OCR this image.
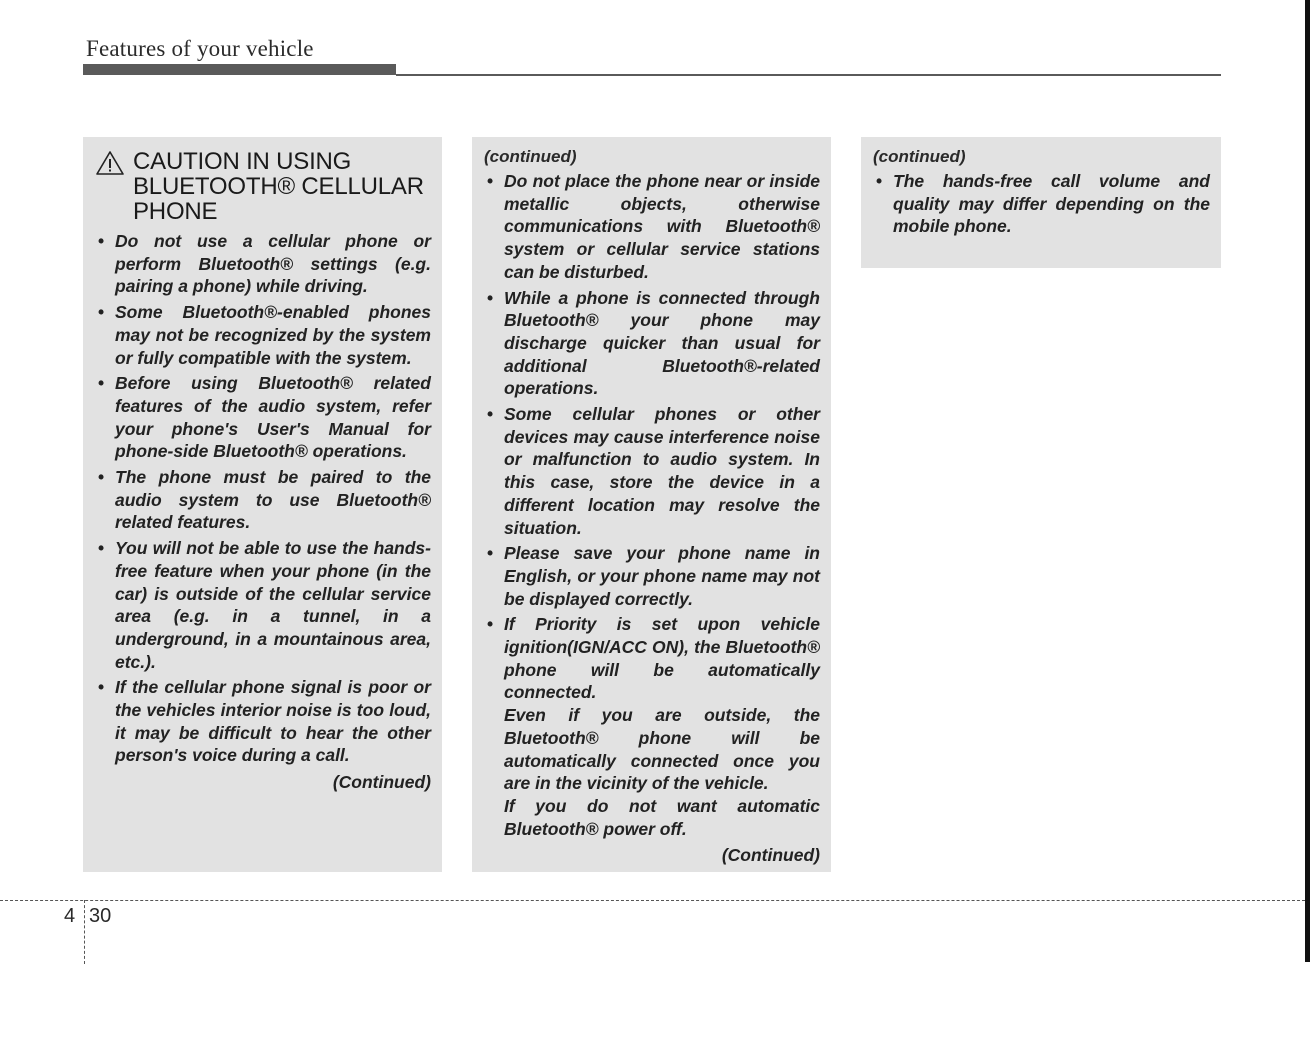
Features of your vehicle
CAUTION IN USING BLUETOOTH® CELLULAR PHONE
• Do not use a cellular phone or perform Bluetooth® settings (e.g. pairing a phone) while driving.
• Some Bluetooth®-enabled phones may not be recognized by the system or fully compatible with the system.
• Before using Bluetooth® related features of the audio system, refer your phone's User's Manual for phone-side Bluetooth® operations.
• The phone must be paired to the audio system to use Bluetooth® related features.
• You will not be able to use the hands-free feature when your phone (in the car) is outside of the cellular service area (e.g. in a tunnel, in a underground, in a mountainous area, etc.).
• If the cellular phone signal is poor or the vehicles interior noise is too loud, it may be difficult to hear the other person's voice during a call.
(Continued)
(continued)
• Do not place the phone near or inside metallic objects, otherwise communications with Bluetooth® system or cellular service stations can be disturbed.
• While a phone is connected through Bluetooth® your phone may discharge quicker than usual for additional Bluetooth®-related operations.
• Some cellular phones or other devices may cause interference noise or malfunction to audio system. In this case, store the device in a different location may resolve the situation.
• Please save your phone name in English, or your phone name may not be displayed correctly.
• If Priority is set upon vehicle ignition(IGN/ACC ON), the Bluetooth® phone will be automatically connected.
Even if you are outside, the Bluetooth® phone will be automatically connected once you are in the vicinity of the vehicle.
If you do not want automatic Bluetooth® power off.
(Continued)
(continued)
• The hands-free call volume and quality may differ depending on the mobile phone.
4 30
